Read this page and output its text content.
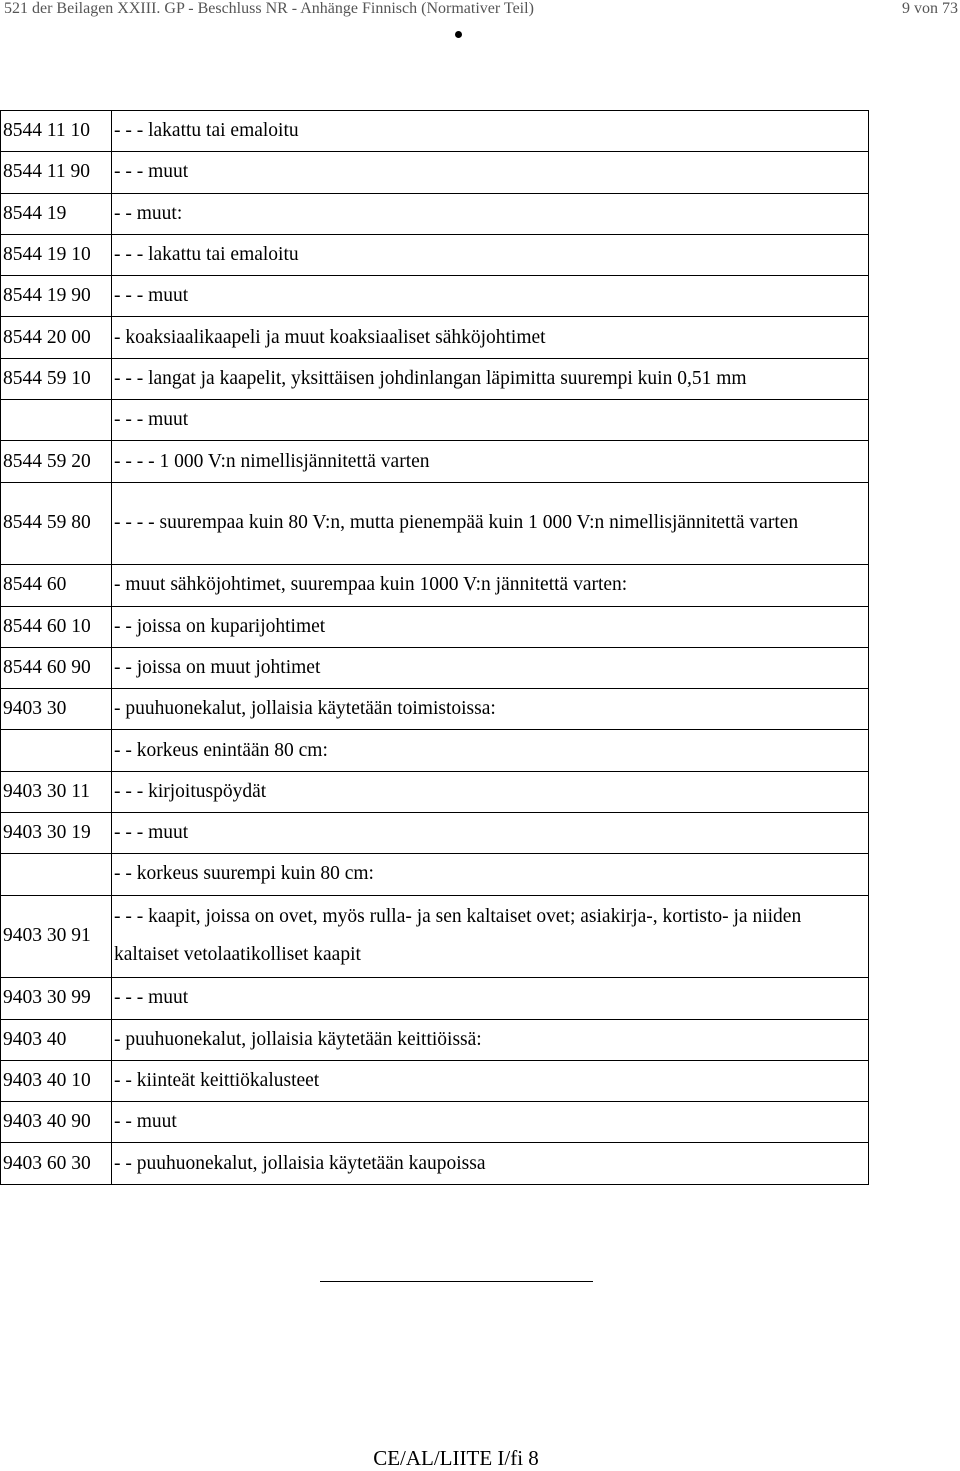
521 der Beilagen XXIII. GP - Beschluss NR - Anhänge Finnisch (Normativer Teil)	9 von 73
8544 11 10	- - - lakattu tai emaloitu
8544 11 90	- - - muut
8544 19	- - muut:
8544 19 10	- - - lakattu tai emaloitu
8544 19 90	- - - muut
8544 20 00	- koaksiaalikaapeli ja muut koaksiaaliset sähköjohtimet
8544 59 10	- - - langat ja kaapelit, yksittäisen johdinlangan läpimitta suurempi kuin 0,51 mm
	- - - muut
8544 59 20	- - - - 1 000 V:n nimellisjännitettä varten
8544 59 80	- - - - suurempaa kuin 80 V:n, mutta pienempää kuin 1 000 V:n nimellisjännitettä varten
8544 60	- muut sähköjohtimet, suurempaa kuin 1000 V:n jännitettä varten:
8544 60 10	- - joissa on kuparijohtimet
8544 60 90	- - joissa on muut johtimet
9403 30	- puuhuonekalut, jollaisia käytetään toimistoissa:
	- - korkeus enintään 80 cm:
9403 30 11	- - - kirjoituspöydät
9403 30 19	- - - muut
	- - korkeus suurempi kuin 80 cm:
9403 30 91	- - - kaapit, joissa on ovet, myös rulla- ja sen kaltaiset ovet; asiakirja-, kortisto- ja niiden kaltaiset vetolaatikolliset kaapit
9403 30 99	- - - muut
9403 40	- puuhuonekalut, jollaisia käytetään keittiöissä:
9403 40 10	- - kiinteät keittiökalusteet
9403 40 90	- - muut
9403 60 30	- - puuhuonekalut, jollaisia käytetään kaupoissa
CE/AL/LIITE I/fi 8
